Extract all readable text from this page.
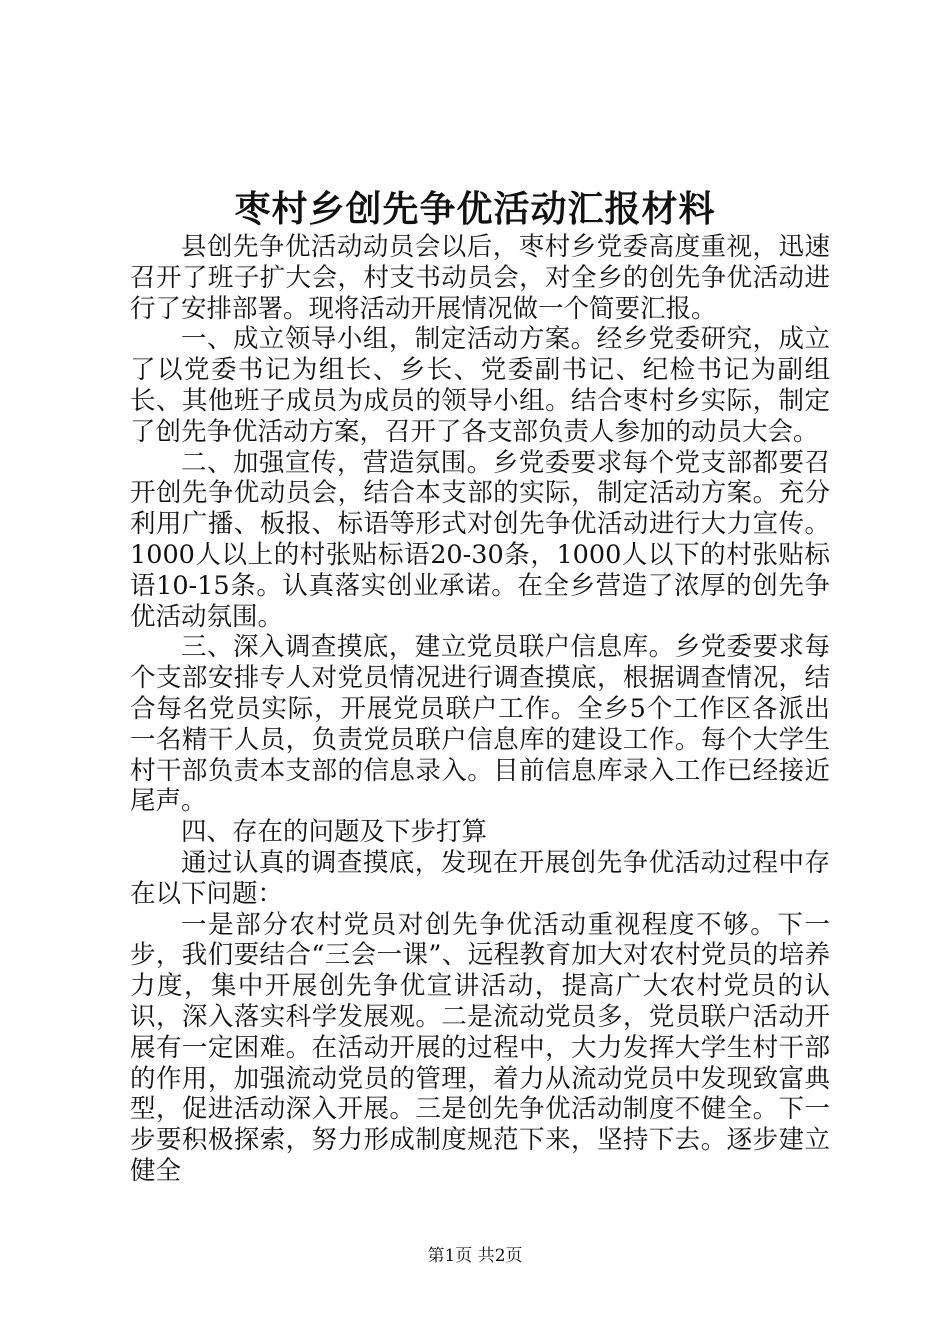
枣村乡创先争优活动汇报材料

县创先争优活动动员会以后，枣村乡党委高度重视，迅速召开了班子扩大会，村支书动员会，对全乡的创先争优活动进行了安排部署。现将活动开展情况做一个简要汇报。

一、成立领导小组，制定活动方案。经乡党委研究，成立了以党委书记为组长、乡长、党委副书记、纪检书记为副组长、其他班子成员为成员的领导小组。结合枣村乡实际，制定了创先争优活动方案，召开了各支部负责人参加的动员大会。

二、加强宣传，营造氛围。乡党委要求每个党支部都要召开创先争优动员会，结合本支部的实际，制定活动方案。充分利用广播、板报、标语等形式对创先争优活动进行大力宣传。1000人以上的村张贴标语20-30条，1000人以下的村张贴标语10-15条。认真落实创业承诺。在全乡营造了浓厚的创先争优活动氛围。

三、深入调查摸底，建立党员联户信息库。乡党委要求每个支部安排专人对党员情况进行调查摸底，根据调查情况，结合每名党员实际，开展党员联户工作。全乡5个工作区各派出一名精干人员，负责党员联户信息库的建设工作。每个大学生村干部负责本支部的信息录入。目前信息库录入工作已经接近尾声。

四、存在的问题及下步打算

通过认真的调查摸底，发现在开展创先争优活动过程中存在以下问题：

一是部分农村党员对创先争优活动重视程度不够。下一步，我们要结合“三会一课”、远程教育加大对农村党员的培养力度，集中开展创先争优宣讲活动，提高广大农村党员的认识，深入落实科学发展观。二是流动党员多，党员联户活动开展有一定困难。在活动开展的过程中，大力发挥大学生村干部的作用，加强流动党员的管理，着力从流动党员中发现致富典型，促进活动深入开展。三是创先争优活动制度不健全。下一步要积极探索，努力形成制度规范下来，坚持下去。逐步建立健全

第1页 共2页
